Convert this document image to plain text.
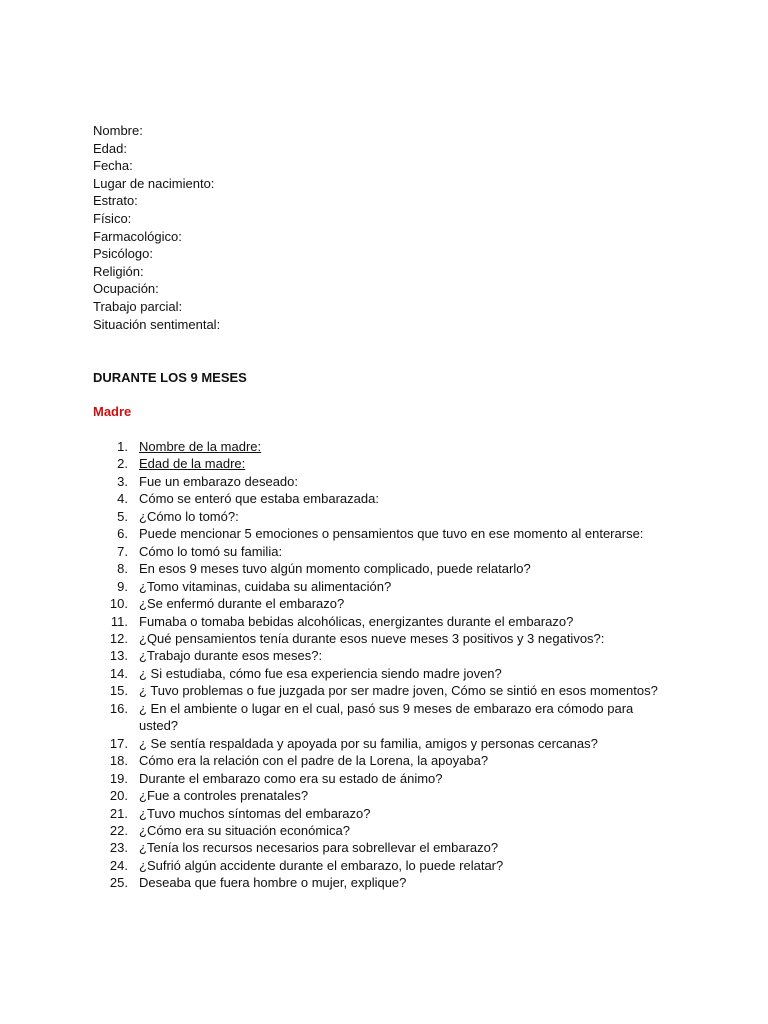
Nombre:
Edad:
Fecha:
Lugar de nacimiento:
Estrato:
Físico:
Farmacológico:
Psicólogo:
Religión:
Ocupación:
Trabajo parcial:
Situación sentimental:
DURANTE LOS 9 MESES
Madre
1. Nombre de la madre:
2. Edad de la madre:
3. Fue un embarazo deseado:
4. Cómo se enteró que estaba embarazada:
5. ¿Cómo lo tomó?:
6. Puede mencionar 5 emociones o pensamientos que tuvo en ese momento al enterarse:
7. Cómo lo tomó su familia:
8. En esos 9 meses tuvo algún momento complicado, puede relatarlo?
9. ¿Tomo vitaminas, cuidaba su alimentación?
10. ¿Se enfermó durante el embarazo?
11. Fumaba o tomaba bebidas alcohólicas, energizantes durante el embarazo?
12. ¿Qué pensamientos tenía durante esos nueve meses 3 positivos y 3 negativos?:
13. ¿Trabajo durante esos meses?:
14. ¿ Si estudiaba, cómo fue esa experiencia siendo madre joven?
15. ¿ Tuvo problemas o fue juzgada por ser madre joven, Cómo se sintió en esos momentos?
16. ¿ En el ambiente o lugar en el cual, pasó sus 9 meses de embarazo era cómodo para usted?
17. ¿ Se sentía respaldada y apoyada por su familia, amigos y personas cercanas?
18. Cómo era la relación con el padre de la Lorena, la apoyaba?
19. Durante el embarazo como era su estado de ánimo?
20. ¿Fue a controles prenatales?
21. ¿Tuvo muchos síntomas del embarazo?
22. ¿Cómo era su situación económica?
23. ¿Tenía los recursos necesarios para sobrellevar el embarazo?
24. ¿Sufrió algún accidente durante el embarazo, lo puede relatar?
25. Deseaba que fuera hombre o mujer, explique?
